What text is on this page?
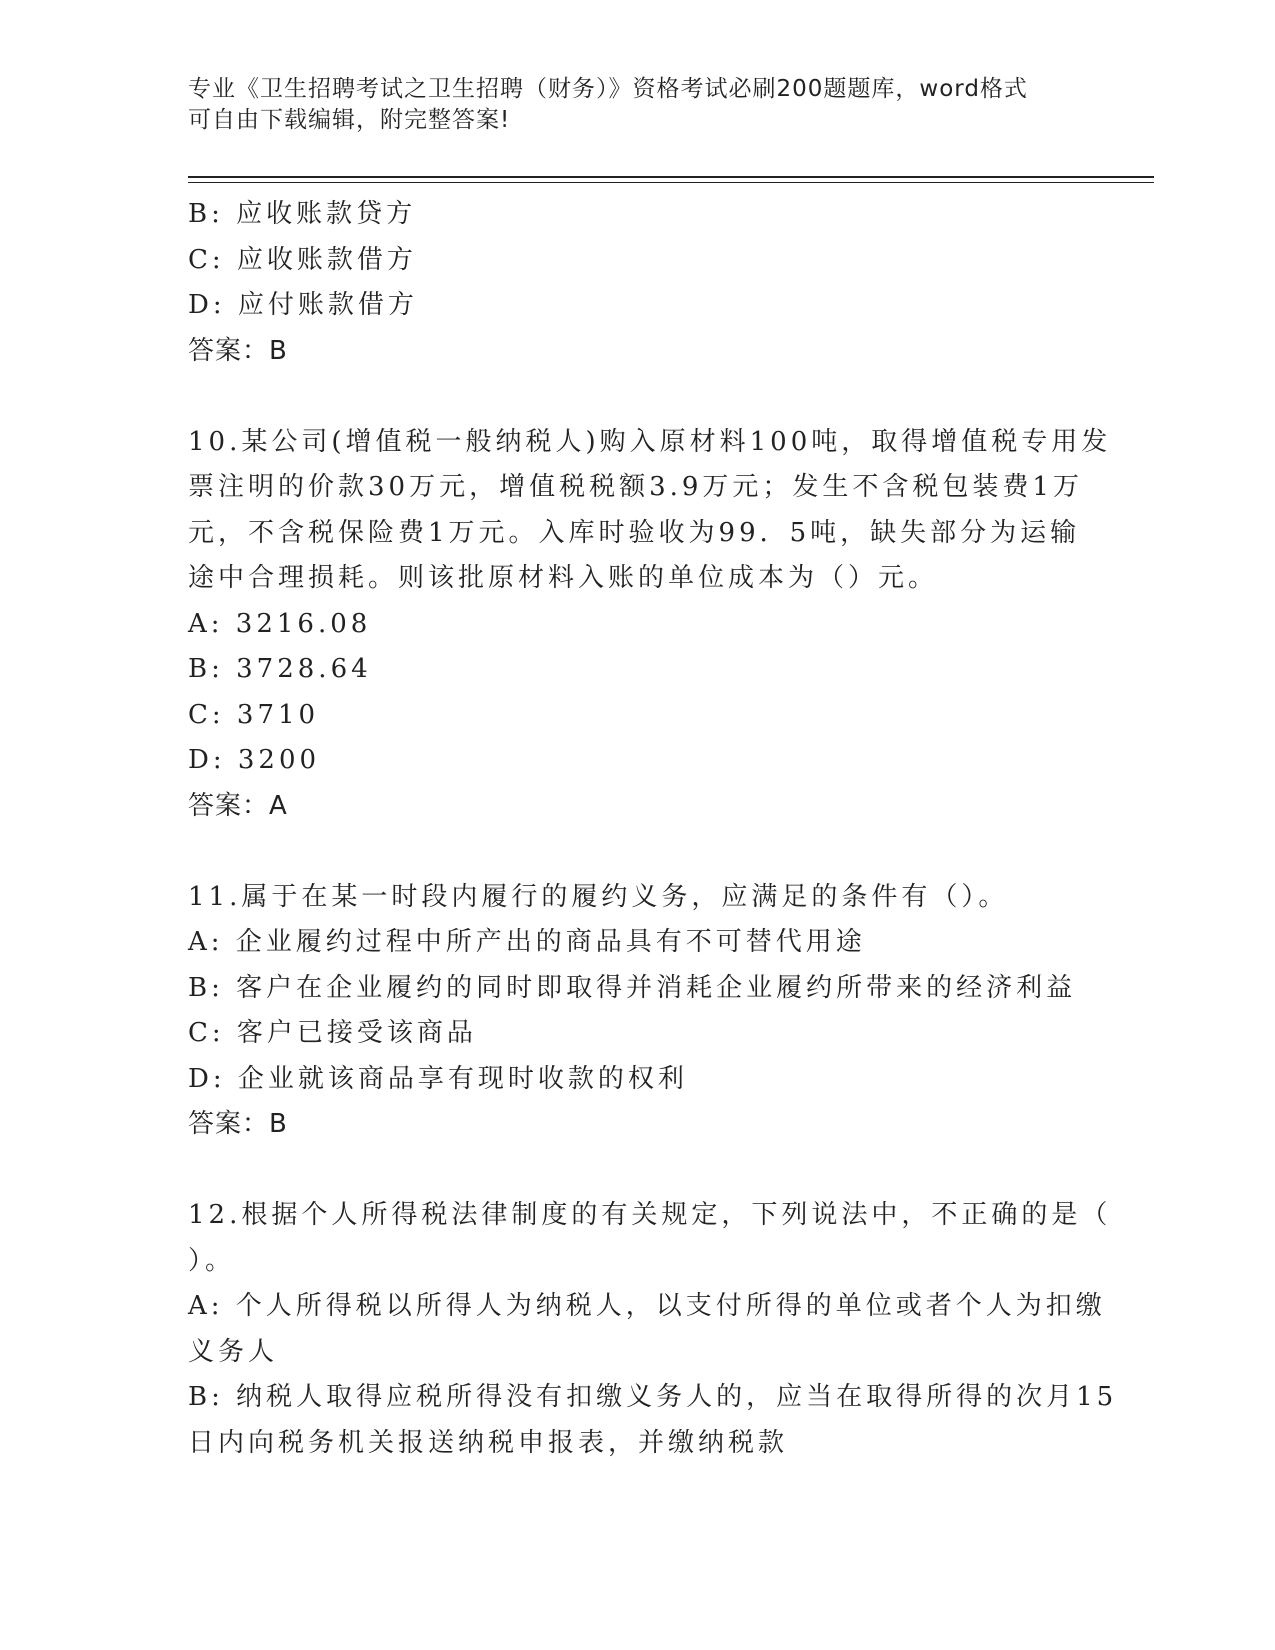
专业《卫生招聘考试之卫生招聘（财务）》资格考试必刷200题题库，word格式
可自由下载编辑，附完整答案!
B: 应收账款贷方
C: 应收账款借方
D: 应付账款借方
答案：B
10.某公司(增值税一般纳税人)购入原材料100吨，取得增值税专用发
票注明的价款30万元，增值税税额3.9万元；发生不含税包装费1万
元，不含税保险费1万元。入库时验收为99．5吨，缺失部分为运输
途中合理损耗。则该批原材料入账的单位成本为（）元。
A: 3216.08
B: 3728.64
C: 3710
D: 3200
答案：A
11.属于在某一时段内履行的履约义务，应满足的条件有（）。
A: 企业履约过程中所产出的商品具有不可替代用途
B: 客户在企业履约的同时即取得并消耗企业履约所带来的经济利益
C: 客户已接受该商品
D: 企业就该商品享有现时收款的权利
答案：B
12.根据个人所得税法律制度的有关规定，下列说法中，不正确的是（
）。
A: 个人所得税以所得人为纳税人，以支付所得的单位或者个人为扣缴
义务人
B: 纳税人取得应税所得没有扣缴义务人的，应当在取得所得的次月15
日内向税务机关报送纳税申报表，并缴纳税款
